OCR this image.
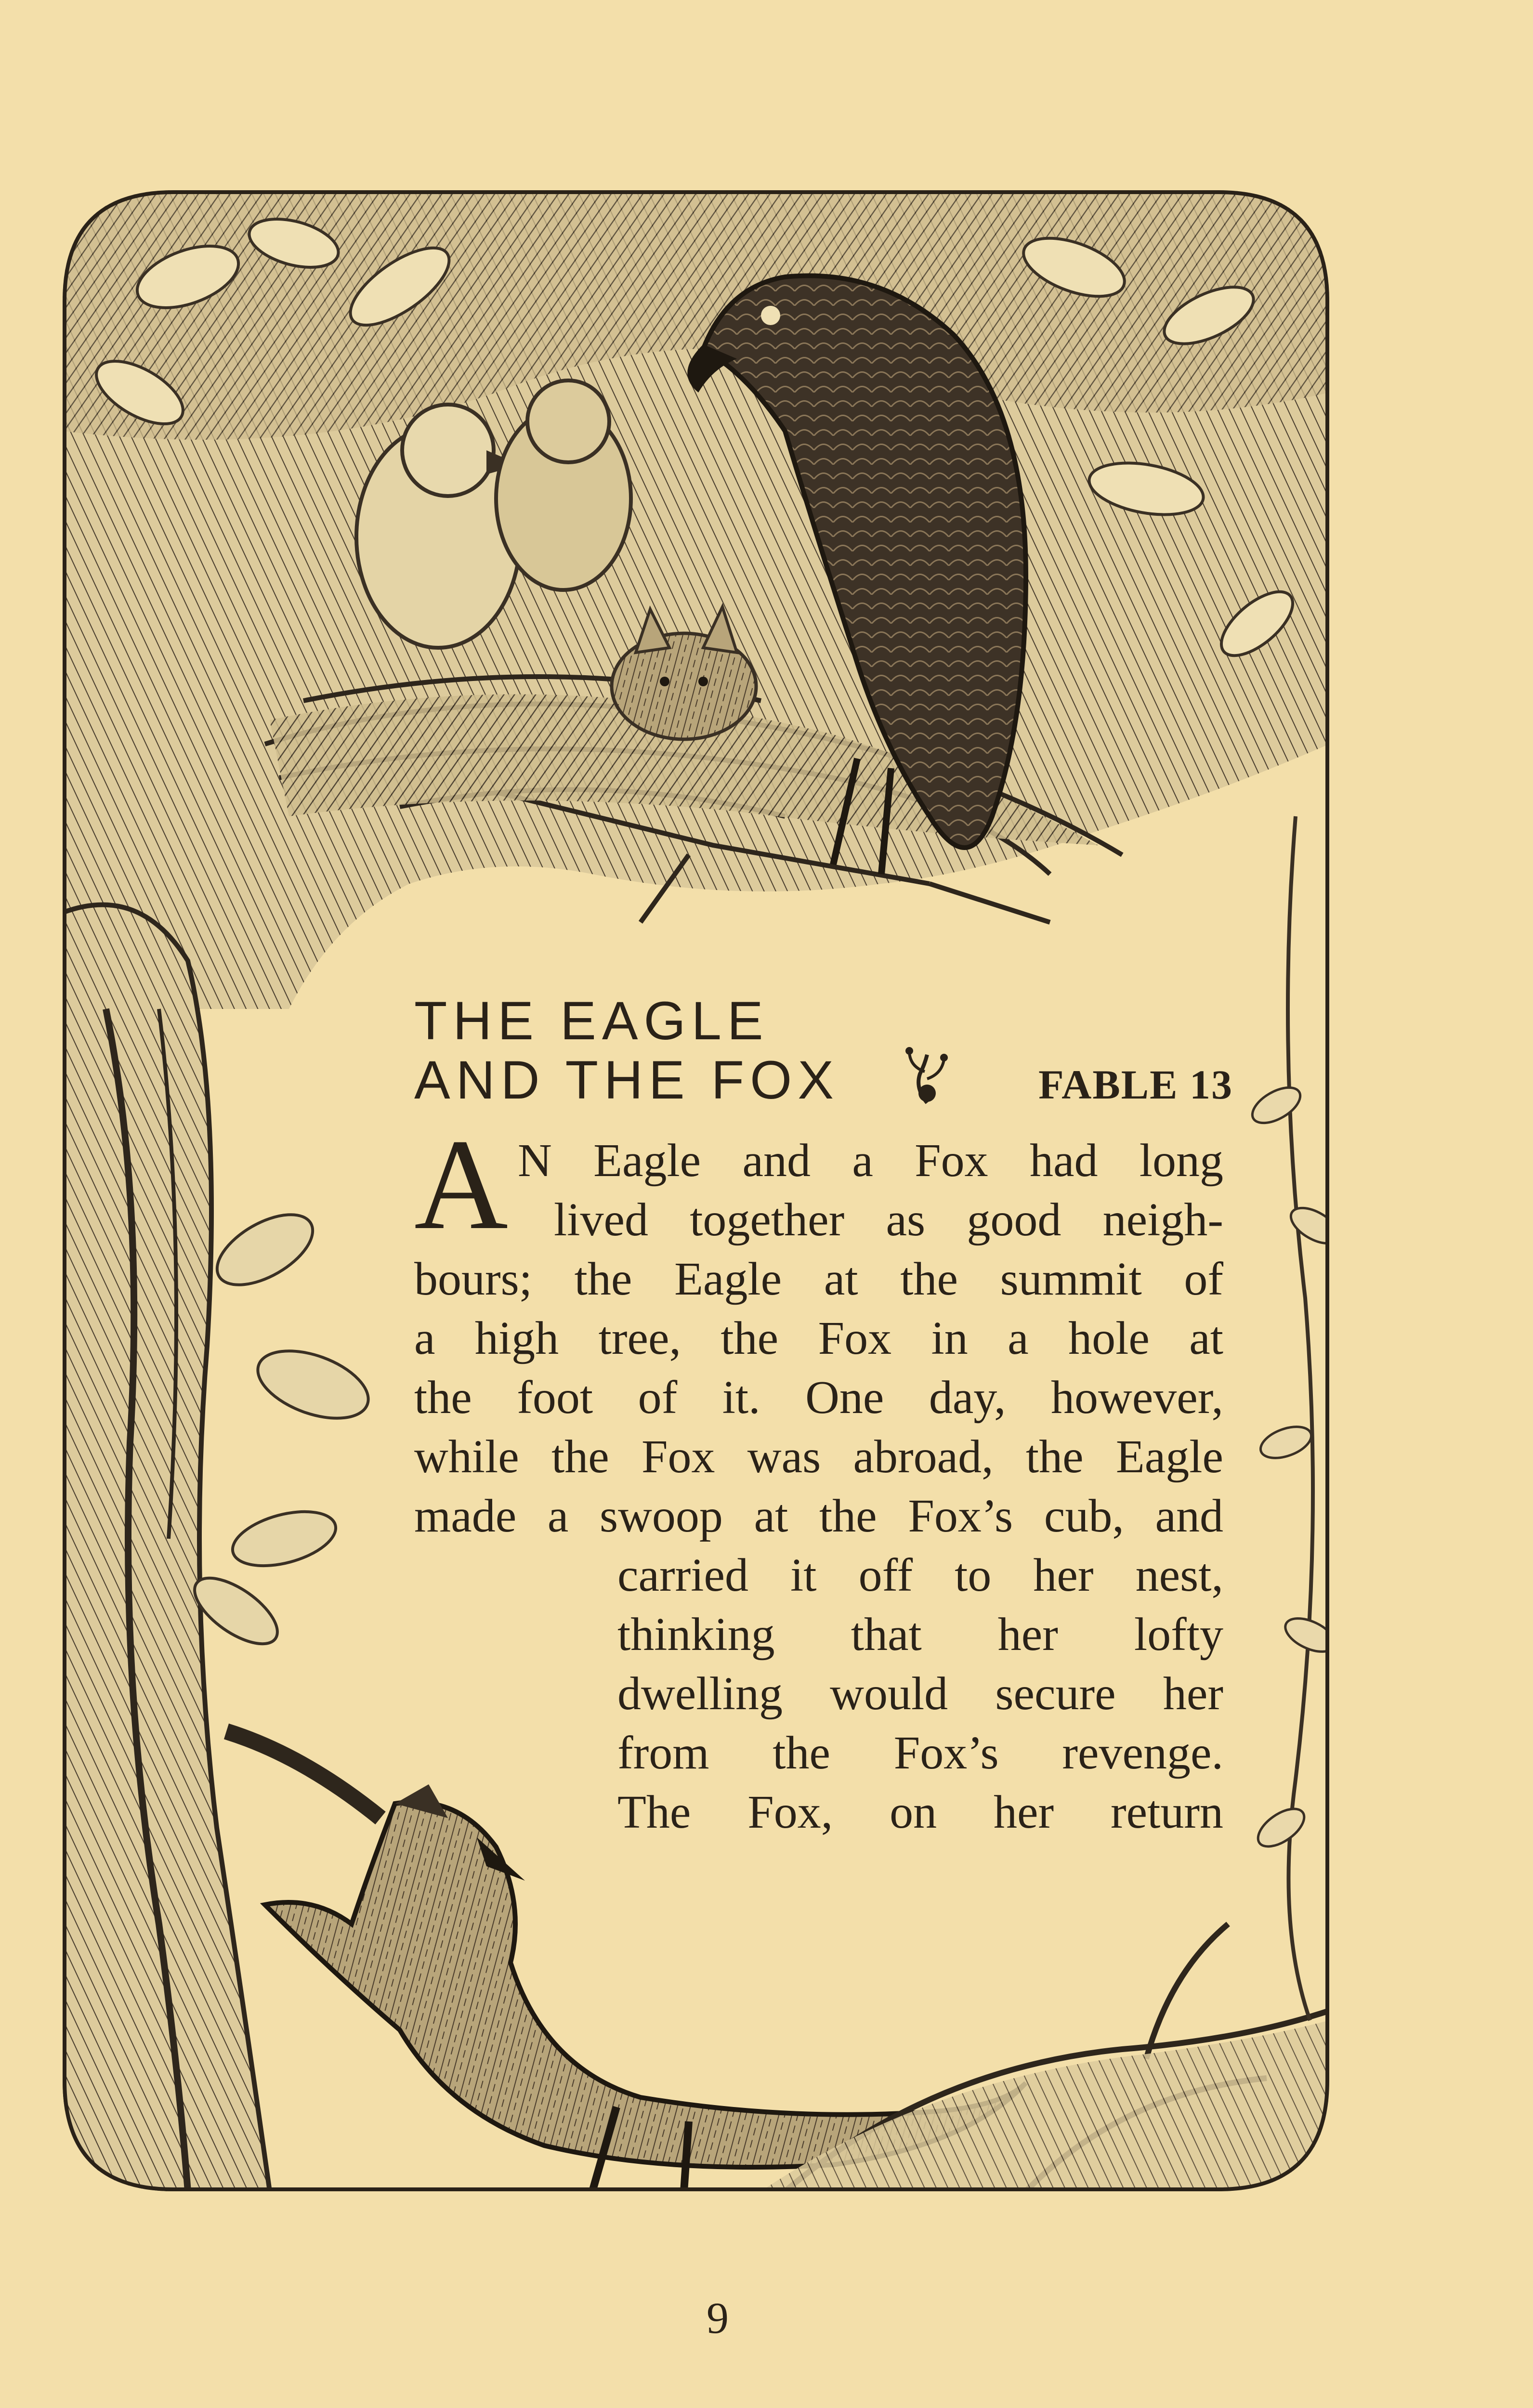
THE EAGLE
AND THE FOX	FABLE 13
A N Eagle and a Fox had long
lived together as good neigh-
bours; the Eagle at the summit of
a high tree, the Fox in a hole at
the foot of it. One day, however,
while the Fox was abroad, the Eagle
made a swoop at the Fox’s cub, and
carried it off to her nest,
thinking that her lofty
dwelling would secure her
from the Fox’s revenge.
The Fox, on her return
9
